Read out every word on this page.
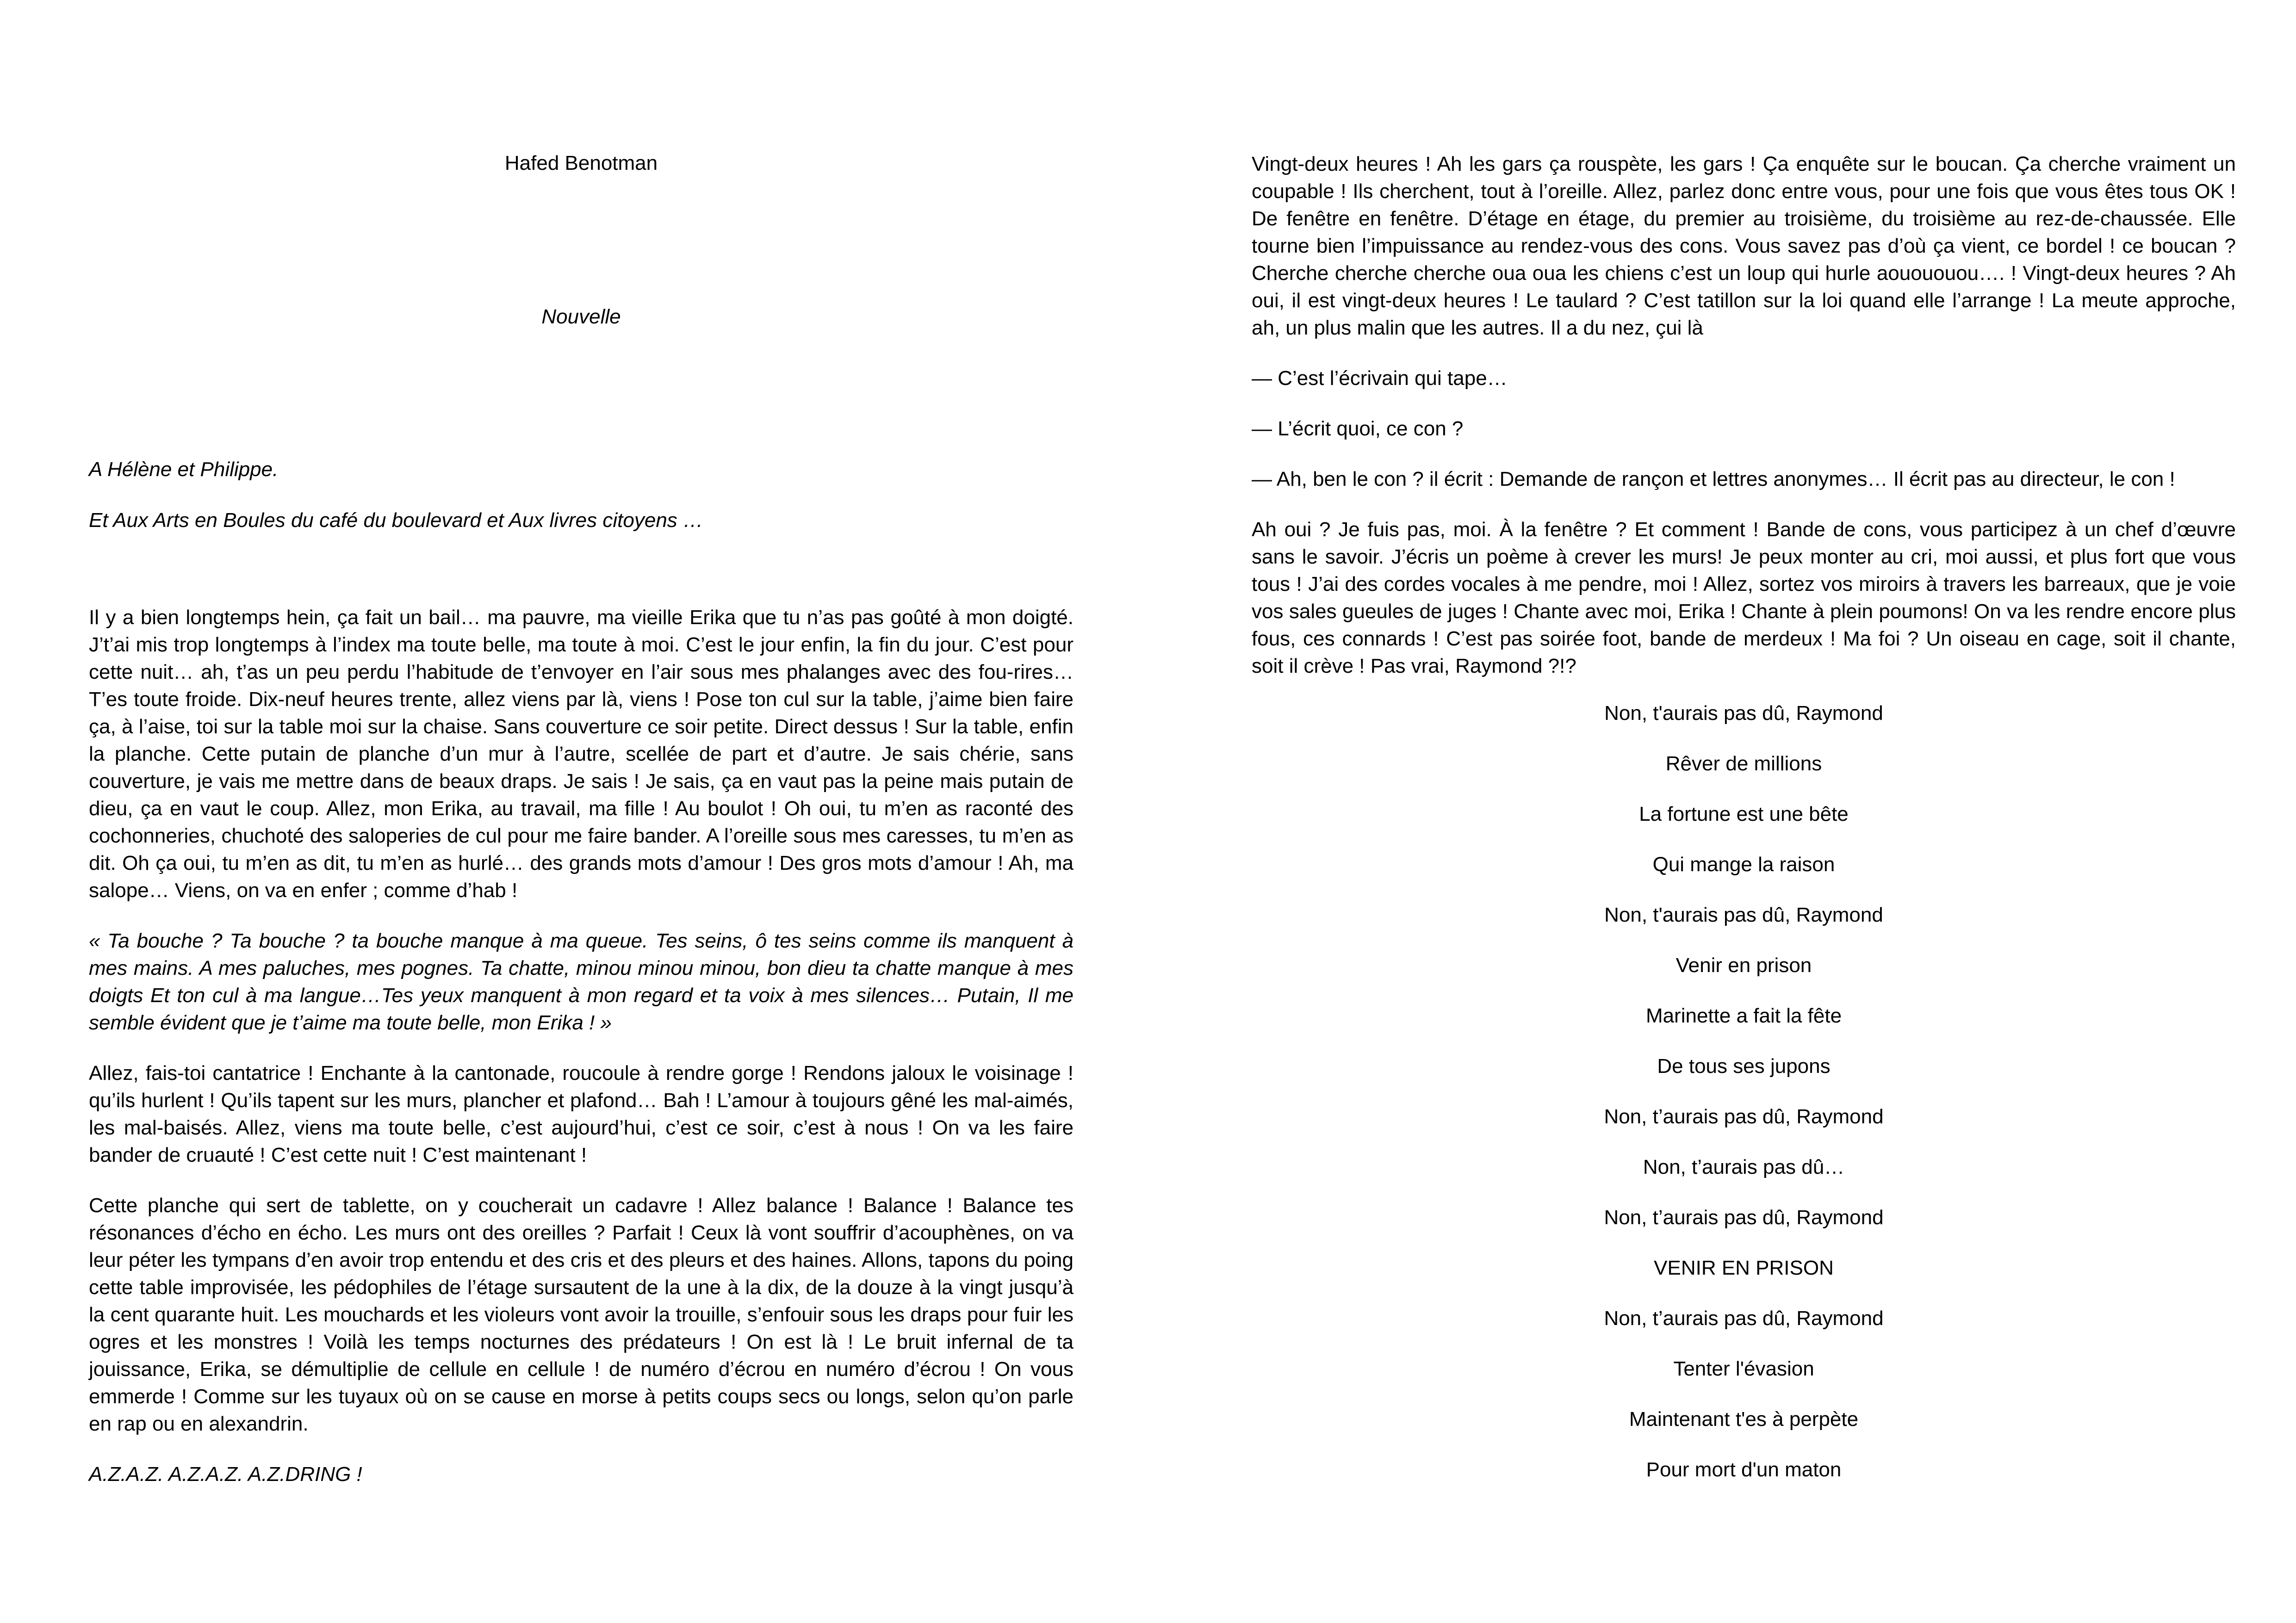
Hafed Benotman

Nouvelle

A Hélène et Philippe.

Et Aux Arts en Boules du café du boulevard et Aux livres citoyens …

Il y a bien longtemps hein, ça fait un bail… ma pauvre, ma vieille Erika que tu n’as pas goûté à mon doigté. J’t’ai mis trop longtemps à l’index ma toute belle, ma toute à moi. C’est le jour enfin, la fin du jour. C’est pour cette nuit… ah, t’as un peu perdu l’habitude de t’envoyer en l’air sous mes phalanges avec des fou-rires… T’es toute froide. Dix-neuf heures trente, allez viens par là, viens ! Pose ton cul sur la table, j’aime bien faire ça, à l’aise, toi sur la table moi sur la chaise. Sans couverture ce soir petite. Direct dessus ! Sur la table, enfin la planche. Cette putain de planche d’un mur à l’autre, scellée de part et d’autre. Je sais chérie, sans couverture, je vais me mettre dans de beaux draps. Je sais ! Je sais, ça en vaut pas la peine mais putain de dieu, ça en vaut le coup. Allez, mon Erika, au travail, ma fille ! Au boulot ! Oh oui, tu m’en as raconté des cochonneries, chuchoté des saloperies de cul pour me faire bander. A l’oreille sous mes caresses, tu m’en as dit. Oh ça oui, tu m’en as dit, tu m’en as hurlé… des grands mots d’amour ! Des gros mots d’amour ! Ah, ma salope… Viens, on va en enfer ; comme d’hab !

« Ta bouche ? Ta bouche ? ta bouche manque à ma queue. Tes seins, ô tes seins comme ils manquent à mes mains. A mes paluches, mes pognes. Ta chatte, minou minou minou, bon dieu ta chatte manque à mes doigts Et ton cul à ma langue…Tes yeux manquent à mon regard et ta voix à mes silences… Putain, Il me semble évident que je t’aime ma toute belle, mon Erika ! »

Allez, fais-toi cantatrice ! Enchante à la cantonade, roucoule à rendre gorge ! Rendons jaloux le voisinage ! qu’ils hurlent ! Qu’ils tapent sur les murs, plancher et plafond… Bah ! L’amour à toujours gêné les mal-aimés, les mal-baisés. Allez, viens ma toute belle, c’est aujourd’hui, c’est ce soir, c’est à nous ! On va les faire bander de cruauté ! C’est cette nuit ! C’est maintenant !

Cette planche qui sert de tablette, on y coucherait un cadavre ! Allez balance ! Balance ! Balance tes résonances d’écho en écho. Les murs ont des oreilles ? Parfait ! Ceux là vont souffrir d’acouphènes, on va leur péter les tympans d’en avoir trop entendu et des cris et des pleurs et des haines. Allons, tapons du poing cette table improvisée, les pédophiles de l’étage sursautent de la une à la dix, de la douze à la vingt jusqu’à la cent quarante huit. Les mouchards et les violeurs vont avoir la trouille, s’enfouir sous les draps pour fuir les ogres et les monstres ! Voilà les temps nocturnes des prédateurs ! On est là ! Le bruit infernal de ta jouissance, Erika, se démultiplie de cellule en cellule ! de numéro d’écrou en numéro d’écrou ! On vous emmerde ! Comme sur les tuyaux où on se cause en morse à petits coups secs ou longs, selon qu’on parle en rap ou en alexandrin.

A.Z.A.Z. A.Z.A.Z. A.Z.DRING !

Vingt-deux heures ! Ah les gars ça rouspète, les gars ! Ça enquête sur le boucan. Ça cherche vraiment un coupable ! Ils cherchent, tout à l’oreille. Allez, parlez donc entre vous, pour une fois que vous êtes tous OK ! De fenêtre en fenêtre. D’étage en étage, du premier au troisième, du troisième au rez-de-chaussée. Elle tourne bien l’impuissance au rendez-vous des cons. Vous savez pas d’où ça vient, ce bordel ! ce boucan ? Cherche cherche cherche oua oua les chiens c’est un loup qui hurle aouououou…. ! Vingt-deux heures ? Ah oui, il est vingt-deux heures ! Le taulard ? C’est tatillon sur la loi quand elle l’arrange ! La meute approche, ah, un plus malin que les autres. Il a du nez, çui là

— C’est l’écrivain qui tape…

— L’écrit quoi, ce con ?

— Ah, ben le con ? il écrit : Demande de rançon et lettres anonymes… Il écrit pas au directeur, le con !

Ah oui ? Je fuis pas, moi. À la fenêtre ? Et comment ! Bande de cons, vous participez à un chef d’œuvre sans le savoir. J’écris un poème à crever les murs! Je peux monter au cri, moi aussi, et plus fort que vous tous ! J’ai des cordes vocales à me pendre, moi ! Allez, sortez vos miroirs à travers les barreaux, que je voie vos sales gueules de juges ! Chante avec moi, Erika ! Chante à plein poumons! On va les rendre encore plus fous, ces connards ! C’est pas soirée foot, bande de merdeux ! Ma foi ? Un oiseau en cage, soit il chante, soit il crève ! Pas vrai, Raymond ?!?

Non, t'aurais pas dû, Raymond

Rêver de millions

La fortune est une bête

Qui mange la raison

Non, t'aurais pas dû, Raymond

Venir en prison

Marinette a fait la fête

De tous ses jupons

Non, t’aurais pas dû, Raymond

Non, t’aurais pas dû…

Non, t’aurais pas dû, Raymond

VENIR EN PRISON

Non, t’aurais pas dû, Raymond

Tenter l'évasion

Maintenant t'es à perpète

Pour mort d'un maton
